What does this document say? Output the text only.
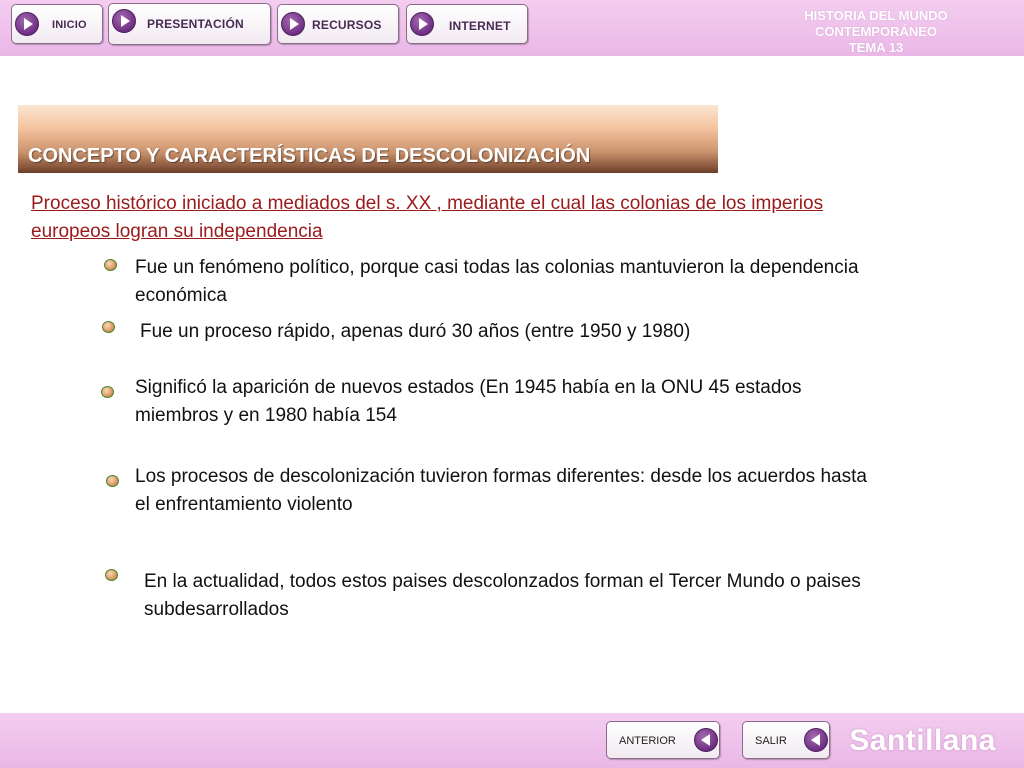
INICIO	PRESENTACIÓN	RECURSOS	INTERNET
HISTORIA DEL MUNDO CONTEMPORÁNEO
TEMA 13
CONCEPTO Y CARACTERÍSTICAS DE DESCOLONIZACIÓN
Proceso histórico iniciado a mediados del s. XX , mediante el cual las colonias de los imperios europeos logran su independencia
Fue un fenómeno político, porque casi todas las colonias mantuvieron la dependencia económica
Fue un proceso rápido, apenas duró 30 años (entre 1950 y 1980)
Significó la aparición de nuevos estados (En 1945 había en la ONU 45 estados miembros y en 1980 había 154
Los procesos de descolonización tuvieron formas diferentes: desde los acuerdos hasta el enfrentamiento violento
En la actualidad, todos estos paises descolonzados forman el Tercer Mundo o paises subdesarrollados
ANTERIOR	SALIR Santillana
